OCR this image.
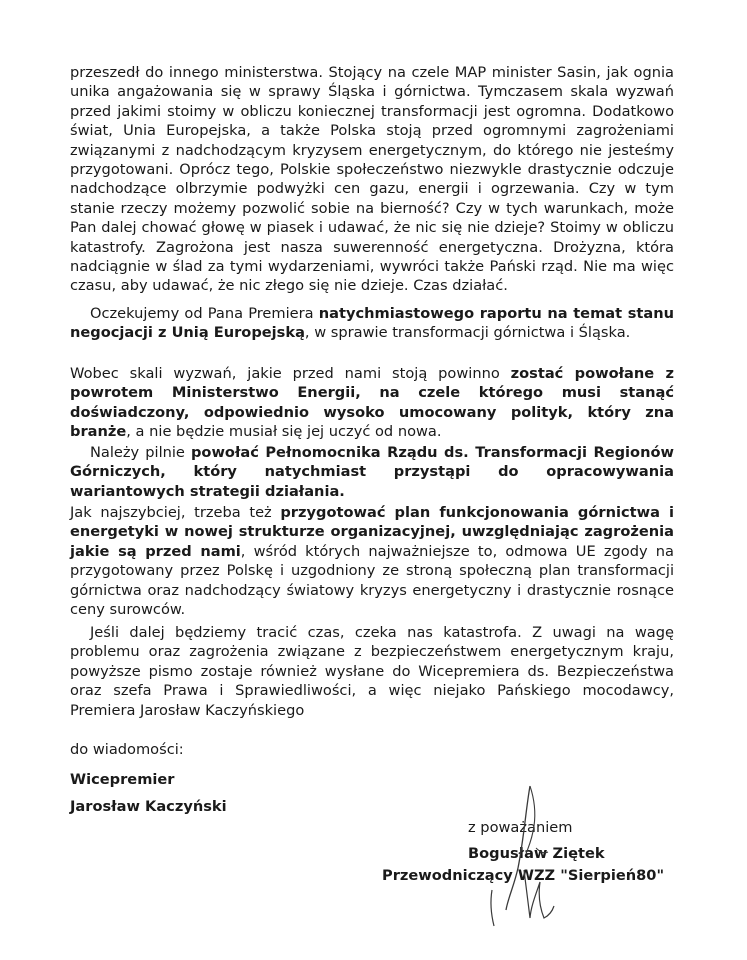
przeszedł do innego ministerstwa. Stojący na czele MAP minister Sasin, jak ognia unika angażowania się w sprawy Śląska i górnictwa. Tymczasem skala wyzwań przed jakimi stoimy w obliczu koniecznej transformacji jest ogromna. Dodatkowo świat, Unia Europejska, a także Polska stoją przed ogromnymi zagrożeniami związanymi z nadchodzącym kryzysem energetycznym, do którego nie jesteśmy przygotowani. Oprócz tego, Polskie społeczeństwo niezwykle drastycznie odczuje nadchodzące olbrzymie podwyżki cen gazu, energii i ogrzewania. Czy w tym stanie rzeczy możemy pozwolić sobie na bierność? Czy w tych warunkach, może Pan dalej chować głowę w piasek i udawać, że nic się nie dzieje? Stoimy w obliczu katastrofy. Zagrożona jest nasza suwerenność energetyczna. Drożyzna, która nadciągnie w ślad za tymi wydarzeniami, wywróci także Pański rząd. Nie ma więc czasu, aby udawać, że nic złego się nie dzieje. Czas działać.

Oczekujemy od Pana Premiera natychmiastowego raportu na temat stanu negocjacji z Unią Europejską, w sprawie transformacji górnictwa i Śląska.

Wobec skali wyzwań, jakie przed nami stoją powinno zostać powołane z powrotem Ministerstwo Energii, na czele którego musi stanąć doświadczony, odpowiednio wysoko umocowany polityk, który zna branże, a nie będzie musiał się jej uczyć od nowa.

Należy pilnie powołać Pełnomocnika Rządu ds. Transformacji Regionów Górniczych, który natychmiast przystąpi do opracowywania wariantowych strategii działania.

Jak najszybciej, trzeba też przygotować plan funkcjonowania górnictwa i energetyki w nowej strukturze organizacyjnej, uwzględniając zagrożenia jakie są przed nami, wśród których najważniejsze to, odmowa UE zgody na przygotowany przez Polskę i uzgodniony ze stroną społeczną plan transformacji górnictwa oraz nadchodzący światowy kryzys energetyczny i drastycznie rosnące ceny surowców.

Jeśli dalej będziemy tracić czas, czeka nas katastrofa. Z uwagi na wagę problemu oraz zagrożenia związane z bezpieczeństwem energetycznym kraju, powyższe pismo zostaje również wysłane do Wicepremiera ds. Bezpieczeństwa oraz szefa Prawa i Sprawiedliwości, a więc niejako Pańskiego mocodawcy, Premiera Jarosław Kaczyńskiego

do wiadomości:

Wicepremier

Jarosław Kaczyński

z poważaniem

Bogusław Ziętek

Przewodniczący WZZ "Sierpień80"
